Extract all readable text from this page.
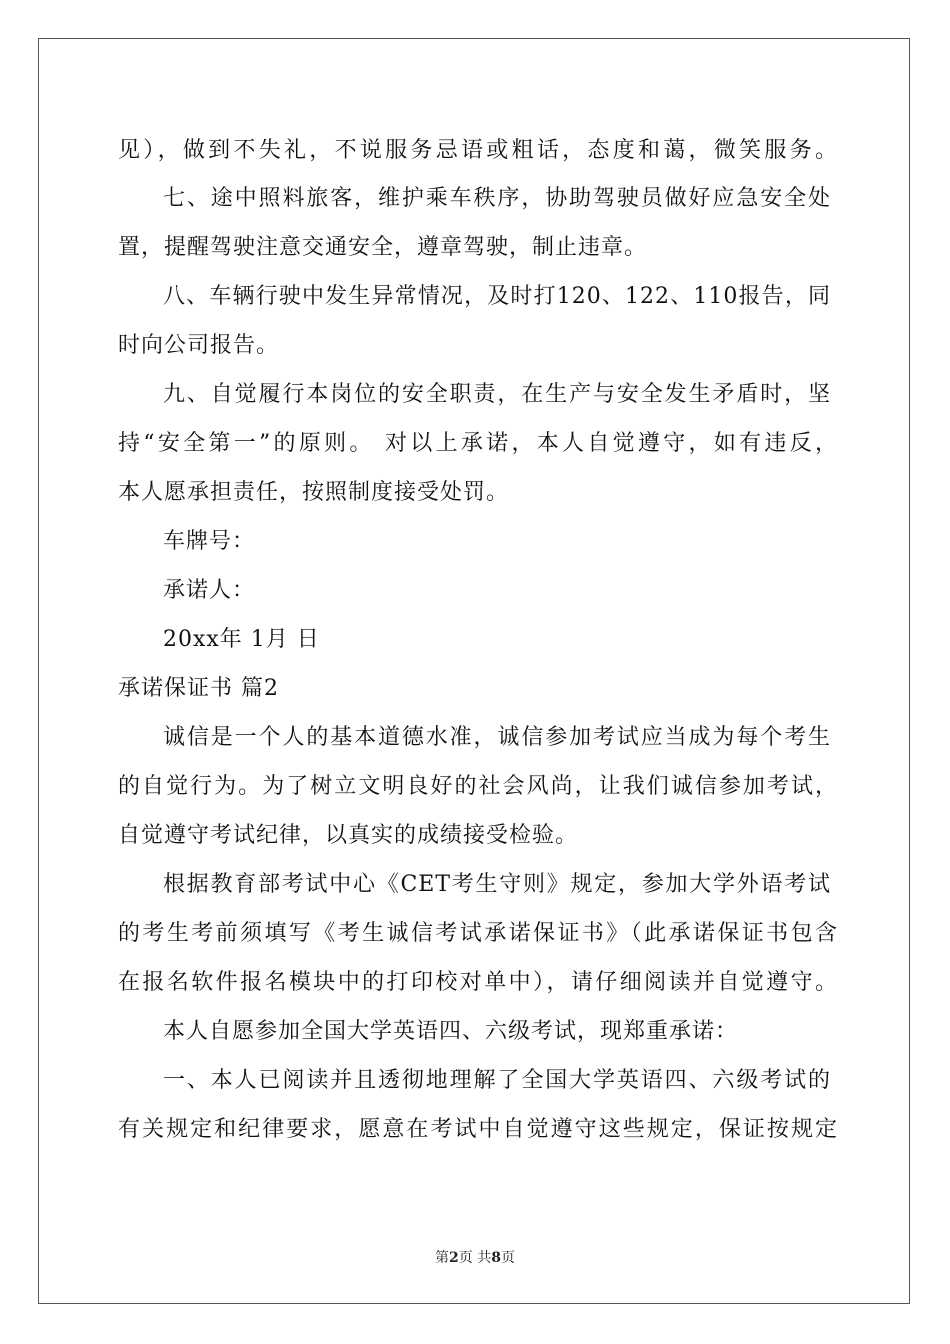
见），做到不失礼，不说服务忌语或粗话，态度和蔼，微笑服务。
七、途中照料旅客，维护乘车秩序，协助驾驶员做好应急安全处
置，提醒驾驶注意交通安全，遵章驾驶，制止违章。
八、车辆行驶中发生异常情况，及时打120、122、110报告，同
时向公司报告。
九、自觉履行本岗位的安全职责，在生产与安全发生矛盾时，坚
持“安全第一”的原则。 对以上承诺，本人自觉遵守，如有违反，
本人愿承担责任，按照制度接受处罚。
车牌号：
承诺人：
20xx年 1月 日
承诺保证书 篇2
诚信是一个人的基本道德水准，诚信参加考试应当成为每个考生
的自觉行为。为了树立文明良好的社会风尚，让我们诚信参加考试，
自觉遵守考试纪律，以真实的成绩接受检验。
根据教育部考试中心《CET考生守则》规定，参加大学外语考试
的考生考前须填写《考生诚信考试承诺保证书》（此承诺保证书包含
在报名软件报名模块中的打印校对单中），请仔细阅读并自觉遵守。
本人自愿参加全国大学英语四、六级考试，现郑重承诺：
一、本人已阅读并且透彻地理解了全国大学英语四、六级考试的
有关规定和纪律要求，愿意在考试中自觉遵守这些规定，保证按规定
第2页 共8页
